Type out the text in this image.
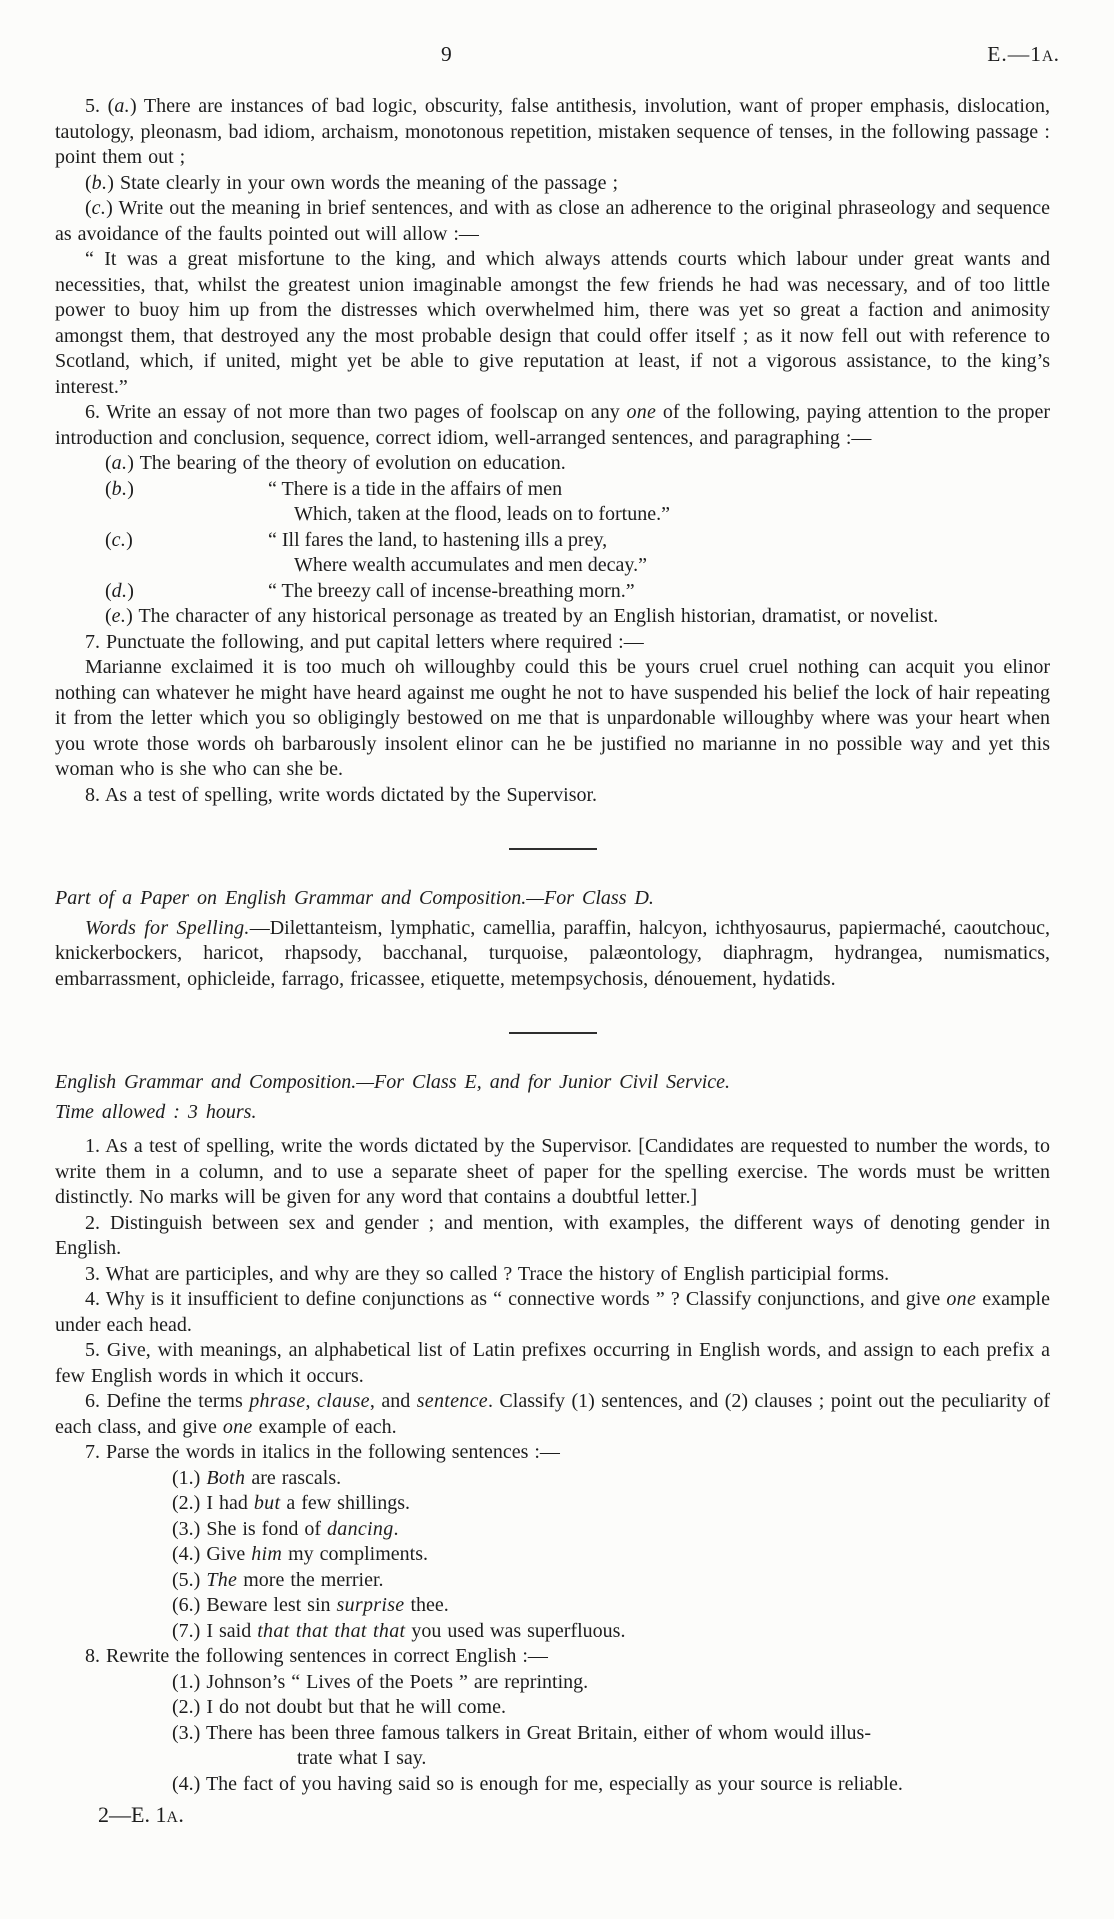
9	E.—1A.

5. (a.) There are instances of bad logic, obscurity, false antithesis, involution, want of proper emphasis, dislocation, tautology, pleonasm, bad idiom, archaism, monotonous repetition, mistaken sequence of tenses, in the following passage : point them out ;

(b.) State clearly in your own words the meaning of the passage ;

(c.) Write out the meaning in brief sentences, and with as close an adherence to the original phraseology and sequence as avoidance of the faults pointed out will allow :—

“ It was a great misfortune to the king, and which always attends courts which labour under great wants and necessities, that, whilst the greatest union imaginable amongst the few friends he had was necessary, and of too little power to buoy him up from the distresses which overwhelmed him, there was yet so great a faction and animosity amongst them, that destroyed any the most probable design that could offer itself ; as it now fell out with reference to Scotland, which, if united, might yet be able to give reputation at least, if not a vigorous assistance, to the king’s interest.”

6. Write an essay of not more than two pages of foolscap on any one of the following, paying attention to the proper introduction and conclusion, sequence, correct idiom, well-arranged sentences, and paragraphing :—

(a.) The bearing of the theory of evolution on education.

(b.)	“ There is a tide in the affairs of men
Which, taken at the flood, leads on to fortune.”
(c.)	“ Ill fares the land, to hastening ills a prey,
Where wealth accumulates and men decay.”
(d.)	“ The breezy call of incense-breathing morn.”

(e.) The character of any historical personage as treated by an English historian, dramatist, or novelist.

7. Punctuate the following, and put capital letters where required :—

Marianne exclaimed it is too much oh willoughby could this be yours cruel cruel nothing can acquit you elinor nothing can whatever he might have heard against me ought he not to have suspended his belief the lock of hair repeating it from the letter which you so obligingly bestowed on me that is unpardonable willoughby where was your heart when you wrote those words oh barbarously insolent elinor can he be justified no marianne in no possible way and yet this woman who is she who can she be.

8. As a test of spelling, write words dictated by the Supervisor.

Part of a Paper on English Grammar and Composition.—For Class D.

Words for Spelling.—Dilettanteism, lymphatic, camellia, paraffin, halcyon, ichthyosaurus, papiermaché, caoutchouc, knickerbockers, haricot, rhapsody, bacchanal, turquoise, palæontology, diaphragm, hydrangea, numismatics, embarrassment, ophicleide, farrago, fricassee, etiquette, metempsychosis, dénouement, hydatids.

English Grammar and Composition.—For Class E, and for Junior Civil Service.

Time allowed : 3 hours.

1. As a test of spelling, write the words dictated by the Supervisor. [Candidates are requested to number the words, to write them in a column, and to use a separate sheet of paper for the spelling exercise. The words must be written distinctly. No marks will be given for any word that contains a doubtful letter.]

2. Distinguish between sex and gender ; and mention, with examples, the different ways of denoting gender in English.

3. What are participles, and why are they so called ? Trace the history of English participial forms.

4. Why is it insufficient to define conjunctions as “ connective words ” ? Classify conjunctions, and give one example under each head.

5. Give, with meanings, an alphabetical list of Latin prefixes occurring in English words, and assign to each prefix a few English words in which it occurs.

6. Define the terms phrase, clause, and sentence. Classify (1) sentences, and (2) clauses ; point out the peculiarity of each class, and give one example of each.

7. Parse the words in italics in the following sentences :—

(1.) Both are rascals.

(2.) I had but a few shillings.

(3.) She is fond of dancing.

(4.) Give him my compliments.

(5.) The more the merrier.

(6.) Beware lest sin surprise thee.

(7.) I said that that that that you used was superfluous.

8. Rewrite the following sentences in correct English :—

(1.) Johnson’s “ Lives of the Poets ” are reprinting.

(2.) I do not doubt but that he will come.

(3.) There has been three famous talkers in Great Britain, either of whom would illus-
trate what I say.

(4.) The fact of you having said so is enough for me, especially as your source is reliable.

2—E. 1A.
